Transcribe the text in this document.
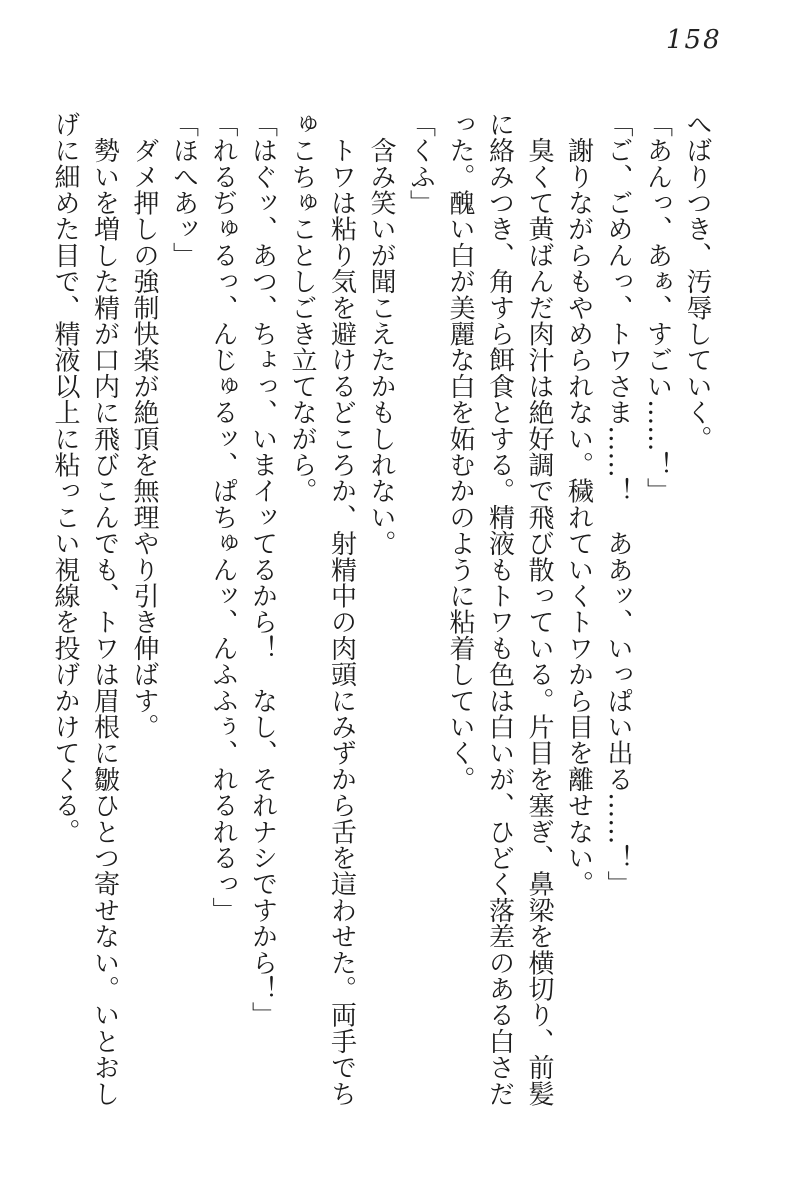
158

へばりつき、汚辱していく。

「あんっ、あぁ、すごい……！」

「ご、ごめんっ、トワさま……！　ああッ、いっぱい出る……！」

　謝りながらもやめられない。穢れていくトワから目を離せない。

　臭くて黄ばんだ肉汁は絶好調で飛び散っている。片目を塞ぎ、鼻梁を横切り、前髪

に絡みつき、角すら餌食とする。精液もトワも色は白いが、ひどく落差のある白さだ

った。醜い白が美麗な白を妬むかのように粘着していく。

「くふ」

　含み笑いが聞こえたかもしれない。

　トワは粘り気を避けるどころか、射精中の肉頭にみずから舌を這わせた。両手でち

ゅこちゅことしごき立てながら。

「はぐッ、あつ、ちょっ、いまイッてるから！　なし、それナシですから！」

「れるぢゅるっ、んじゅるッ、ぱちゅんッ、んふふぅ、れるれるっ」

「ほへあッ」

　ダメ押しの強制快楽が絶頂を無理やり引き伸ばす。

　勢いを増した精が口内に飛びこんでも、トワは眉根に皺ひとつ寄せない。いとおし

げに細めた目で、精液以上に粘っこい視線を投げかけてくる。
